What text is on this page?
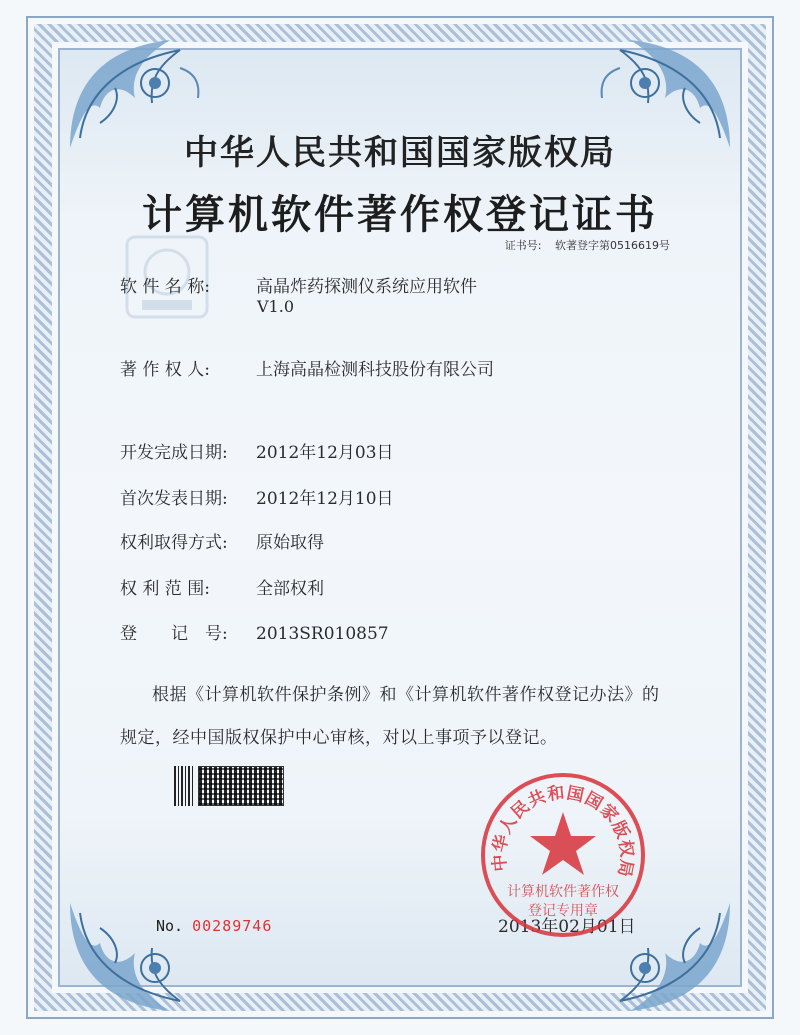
中华人民共和国国家版权局
计算机软件著作权登记证书
证书号: 软著登字第0516619号
软 件 名 称:	高晶炸药探测仪系统应用软件
V1.0
著 作 权 人:	上海高晶检测科技股份有限公司
开发完成日期: 2012年12月03日
首次发表日期: 2012年12月10日
权利取得方式: 原始取得
权 利 范 围:	全部权利
登　　记　号: 2013SR010857
根据《计算机软件保护条例》和《计算机软件著作权登记办法》的
规定，经中国版权保护中心审核，对以上事项予以登记。
No. 00289746	2013年02月01日
中华人民共和国国家版权局
计算机软件著作权
登记专用章
